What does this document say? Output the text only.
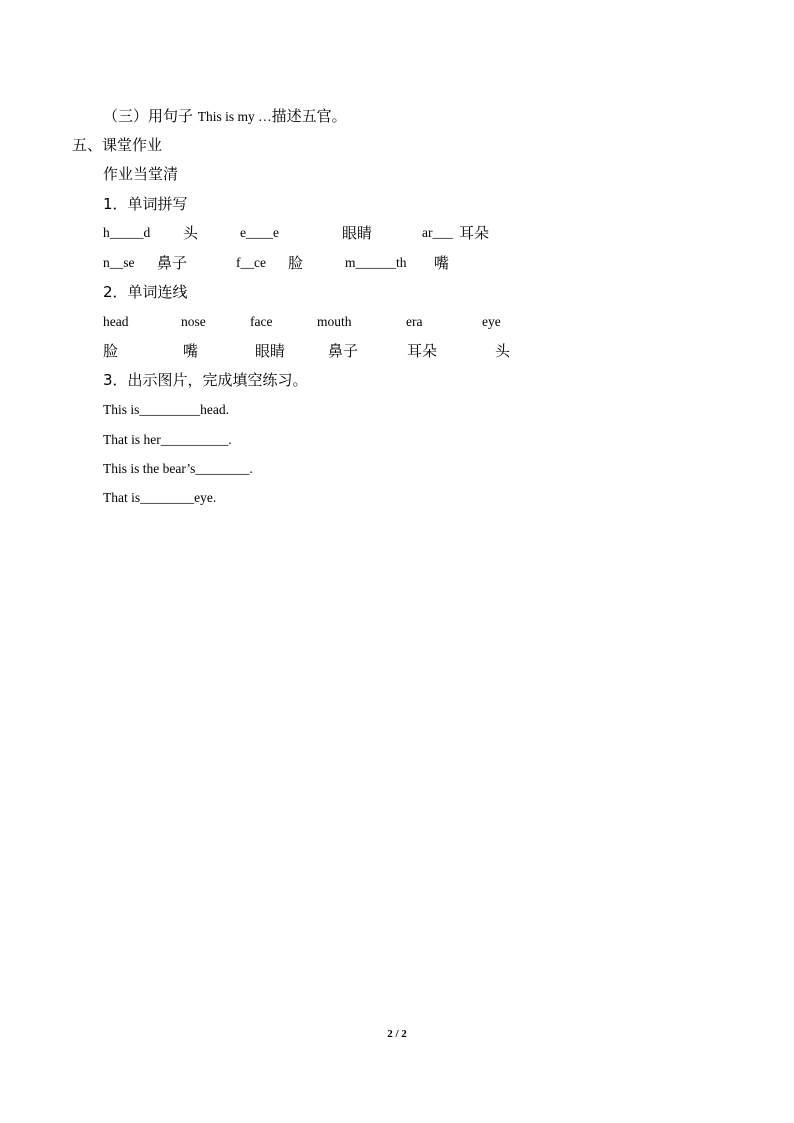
（三）用句子 This is my …描述五官。
五、课堂作业
作业当堂清
1．单词拼写
h_____d 头	e____e	眼睛	ar___ 耳朵
n__se 鼻子	f__ce 脸	m______th 嘴
2．单词连线
head	nose	face	mouth	era	eye
脸	嘴	眼睛	鼻子	耳朵	头
3．出示图片，完成填空练习。
This is_________head.
That is her__________.
This is the bear’s________.
That is________eye.
2 / 2
